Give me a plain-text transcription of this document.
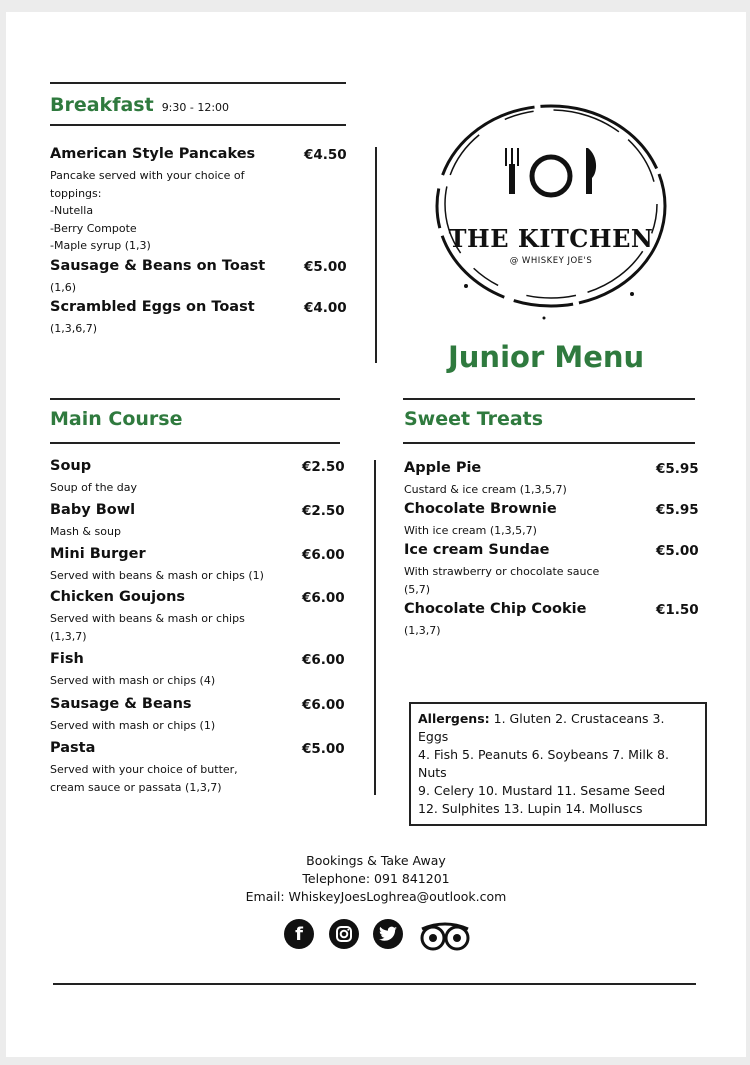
Breakfast 9:30 - 12:00
American Style Pancakes	€4.50
Pancake served with your choice of
toppings:
-Nutella
-Berry Compote
-Maple syrup (1,3)
Sausage & Beans on Toast	€5.00
(1,6)
Scrambled Eggs on Toast	€4.00
(1,3,6,7)
THE KITCHEN
@ WHISKEY JOE'S
Junior Menu
Main Course
Soup	€2.50
Soup of the day
Baby Bowl	€2.50
Mash & soup
Mini Burger	€6.00
Served with beans & mash or chips (1)
Chicken Goujons	€6.00
Served with beans & mash or chips
(1,3,7)
Fish	€6.00
Served with mash or chips (4)
Sausage & Beans	€6.00
Served with mash or chips (1)
Pasta	€5.00
Served with your choice of butter,
cream sauce or passata (1,3,7)
Sweet Treats
Apple Pie	€5.95
Custard & ice cream (1,3,5,7)
Chocolate Brownie	€5.95
With ice cream (1,3,5,7)
Ice cream Sundae	€5.00
With strawberry or chocolate sauce
(5,7)
Chocolate Chip Cookie	€1.50
(1,3,7)
Allergens: 1. Gluten 2. Crustaceans 3. Eggs
4. Fish 5. Peanuts 6. Soybeans 7. Milk 8. Nuts
9. Celery 10. Mustard 11. Sesame Seed
12. Sulphites 13. Lupin 14. Molluscs
Bookings & Take Away
Telephone: 091 841201
Email: WhiskeyJoesLoghrea@outlook.com
f
